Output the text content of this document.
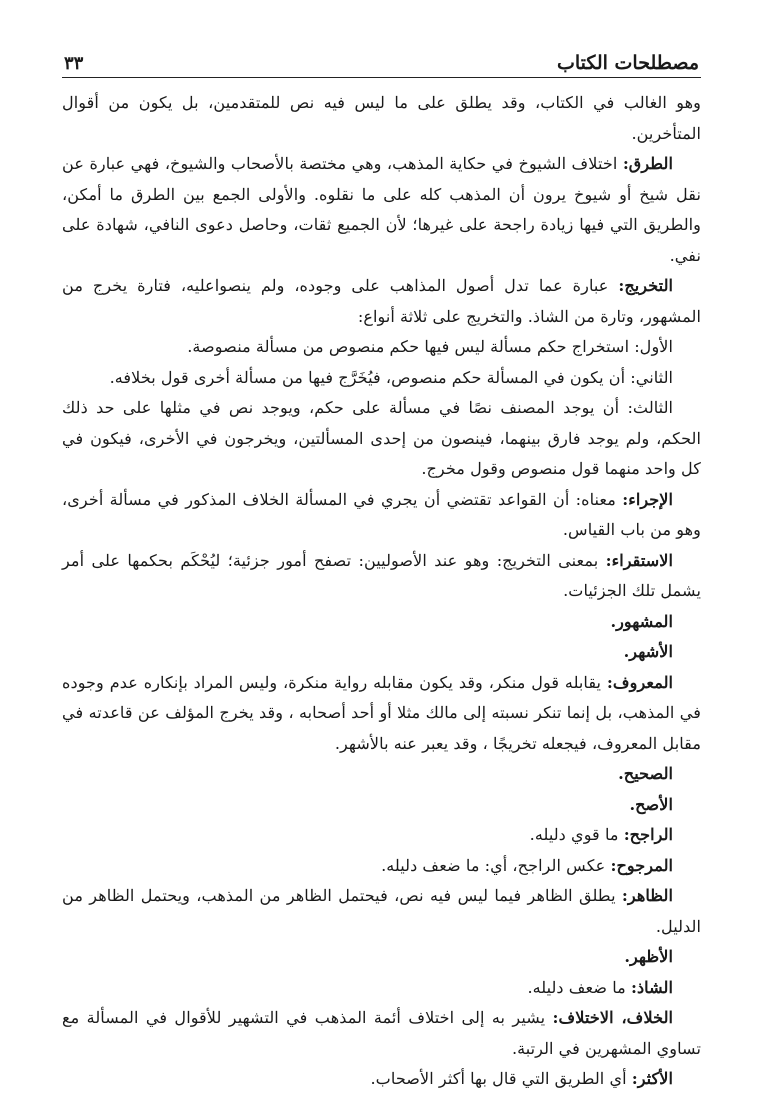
مصطلحات الكتاب
٣٣

وهو الغالب في الكتاب، وقد يطلق على ما ليس فيه نص للمتقدمين، بل يكون من أقوال المتأخرين.

الطرق: اختلاف الشيوخ في حكاية المذهب، وهي مختصة بالأصحاب والشيوخ، فهي عبارة عن نقل شيخ أو شيوخ يرون أن المذهب كله على ما نقلوه. والأولى الجمع بين الطرق ما أمكن، والطريق التي فيها زيادة راجحة على غيرها؛ لأن الجميع ثقات، وحاصل دعوى النافي، شهادة على نفي.

التخريج: عبارة عما تدل أصول المذاهب على وجوده، ولم ينصواعليه، فتارة يخرج من المشهور، وتارة من الشاذ. والتخريج على ثلاثة أنواع:

الأول: استخراج حكم مسألة ليس فيها حكم منصوص من مسألة منصوصة.

الثاني: أن يكون في المسألة حكم منصوص، فيُخَرَّج فيها من مسألة أخرى قول بخلافه.

الثالث: أن يوجد المصنف نصًا في مسألة على حكم، ويوجد نص في مثلها على حد ذلك الحكم، ولم يوجد فارق بينهما، فينصون من إحدى المسألتين، ويخرجون في الأخرى، فيكون في كل واحد منهما قول منصوص وقول مخرج.

الإجراء: معناه: أن القواعد تقتضي أن يجري في المسألة الخلاف المذكور في مسألة أخرى، وهو من باب القياس.

الاستقراء: بمعنى التخريج: وهو عند الأصوليين: تصفح أمور جزئية؛ ليُحْكَم بحكمها على أمر يشمل تلك الجزئيات.

المشهور.

الأشهر.

المعروف: يقابله قول منكر، وقد يكون مقابله رواية منكرة، وليس المراد بإنكاره عدم وجوده في المذهب، بل إنما تنكر نسبته إلى مالك مثلا أو أحد أصحابه ، وقد يخرج المؤلف عن قاعدته في مقابل المعروف، فيجعله تخريجًا ، وقد يعبر عنه بالأشهر.

الصحيح.

الأصح.

الراجح: ما قوي دليله.

المرجوح: عكس الراجح، أي: ما ضعف دليله.

الظاهر: يطلق الظاهر فيما ليس فيه نص، فيحتمل الظاهر من المذهب، ويحتمل الظاهر من الدليل.

الأظهر.

الشاذ: ما ضعف دليله.

الخلاف، الاختلاف: يشير به إلى اختلاف أئمة المذهب في التشهير للأقوال في المسألة مع تساوي المشهرين في الرتبة.

الأكثر: أي الطريق التي قال بها أكثر الأصحاب.
